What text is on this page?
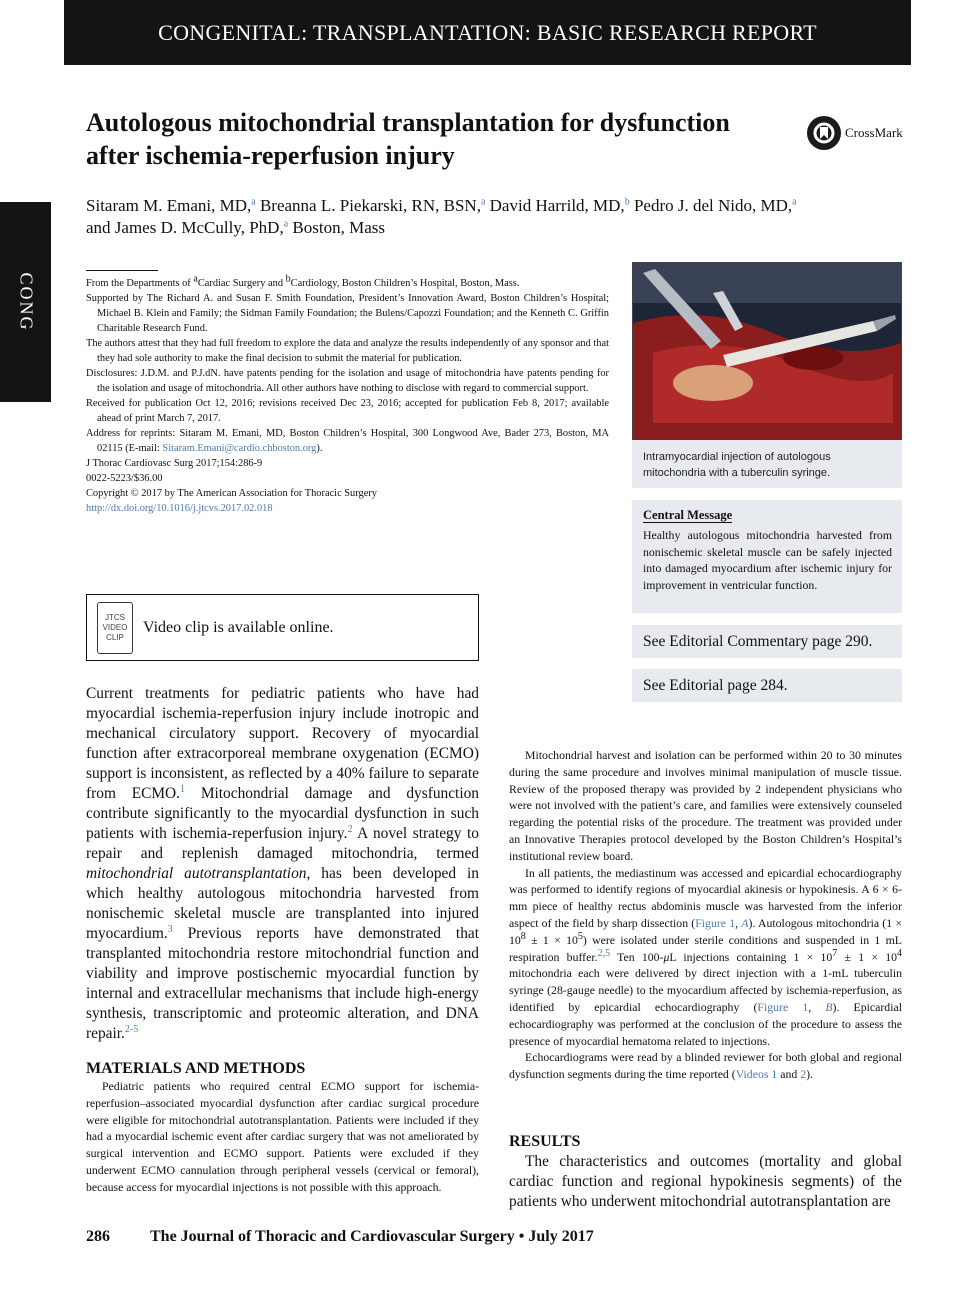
CONGENITAL: TRANSPLANTATION: BASIC RESEARCH REPORT
CONG
Autologous mitochondrial transplantation for dysfunction
after ischemia-reperfusion injury
CrossMark
Sitaram M. Emani, MD,$^a$ Breanna L. Piekarski, RN, BSN,$^a$ David Harrild, MD,$^b$ Pedro J. del Nido, MD,$^a$
and James D. McCully, PhD,$^a$ Boston, Mass

From the Departments of $^a$Cardiac Surgery and $^b$Cardiology, Boston Children’s Hospital, Boston, Mass.

Supported by The Richard A. and Susan F. Smith Foundation, President’s Innovation Award, Boston Children’s Hospital; Michael B. Klein and Family; the Sidman Family Foundation; the Bulens/Capozzi Foundation; and the Kenneth C. Griffin Charitable Research Fund.

The authors attest that they had full freedom to explore the data and analyze the results independently of any sponsor and that they had sole authority to make the final decision to submit the material for publication.

Disclosures: J.D.M. and P.J.dN. have patents pending for the isolation and usage of mitochondria have patents pending for the isolation and usage of mitochondria. All other authors have nothing to disclose with regard to commercial support.

Received for publication Oct 12, 2016; revisions received Dec 23, 2016; accepted for publication Feb 8, 2017; available ahead of print March 7, 2017.

Address for reprints: Sitaram M. Emani, MD, Boston Children’s Hospital, 300 Longwood Ave, Bader 273, Boston, MA 02115 (E-mail: Sitaram.Emani@cardio.chboston.org).

J Thorac Cardiovasc Surg 2017;154:286-9

0022-5223/$36.00

Copyright © 2017 by The American Association for Thoracic Surgery

http://dx.doi.org/10.1016/j.jtcvs.2017.02.018

JTCS
VIDEO
CLIP
Video clip is available online.
Intramyocardial injection of autologous mitochondria with a tuberculin syringe.
Central Message

Healthy autologous mitochondria harvested from nonischemic skeletal muscle can be safely injected into damaged myocardium after ischemic injury for improvement in ventricular function.

See Editorial Commentary page 290.
See Editorial page 284.

Current treatments for pediatric patients who have had myocardial ischemia-reperfusion injury include inotropic and mechanical circulatory support. Recovery of myocardial function after extracorporeal membrane oxygenation (ECMO) support is inconsistent, as reflected by a 40% failure to separate from ECMO.$^1$ Mitochondrial damage and dysfunction contribute significantly to the myocardial dysfunction in such patients with ischemia-reperfusion injury.$^2$ A novel strategy to repair and replenish damaged mitochondria, termed mitochondrial autotransplantation, has been developed in which healthy autologous mitochondria harvested from nonischemic skeletal muscle are transplanted into injured myocardium.$^3$ Previous reports have demonstrated that transplanted mitochondria restore mitochondrial function and viability and improve postischemic myocardial function by internal and extracellular mechanisms that include high-energy synthesis, transcriptomic and proteomic alteration, and DNA repair.$^{2-5}$

MATERIALS AND METHODS

Pediatric patients who required central ECMO support for ischemia-reperfusion–associated myocardial dysfunction after cardiac surgical procedure were eligible for mitochondrial autotransplantation. Patients were included if they had a myocardial ischemic event after cardiac surgery that was not ameliorated by surgical intervention and ECMO support. Patients were excluded if they underwent ECMO cannulation through peripheral vessels (cervical or femoral), because access for myocardial injections is not possible with this approach.

Mitochondrial harvest and isolation can be performed within 20 to 30 minutes during the same procedure and involves minimal manipulation of muscle tissue. Review of the proposed therapy was provided by 2 independent physicians who were not involved with the patient’s care, and families were extensively counseled regarding the potential risks of the procedure. The treatment was provided under an Innovative Therapies protocol developed by the Boston Children’s Hospital’s institutional review board.

In all patients, the mediastinum was accessed and epicardial echocardiography was performed to identify regions of myocardial akinesis or hypokinesis. A 6 × 6-mm piece of healthy rectus abdominis muscle was harvested from the inferior aspect of the field by sharp dissection (Figure 1, A). Autologous mitochondria $(1 \times 10^8 \pm 1 \times 10^5)$ were isolated under sterile conditions and suspended in 1 mL respiration buffer.$^{2,5}$ Ten 100-μL injections containing $1 \times 10^7 \pm 1 \times 10^4$ mitochondria each were delivered by direct injection with a 1-mL tuberculin syringe (28-gauge needle) to the myocardium affected by ischemia-reperfusion, as identified by epicardial echocardiography (Figure 1, B). Epicardial echocardiography was performed at the conclusion of the procedure to assess the presence of myocardial hematoma related to injections.

Echocardiograms were read by a blinded reviewer for both global and regional dysfunction segments during the time reported (Videos 1 and 2).

RESULTS

The characteristics and outcomes (mortality and global cardiac function and regional hypokinesis segments) of the patients who underwent mitochondrial autotransplantation are

286	The Journal of Thoracic and Cardiovascular Surgery • July 2017
